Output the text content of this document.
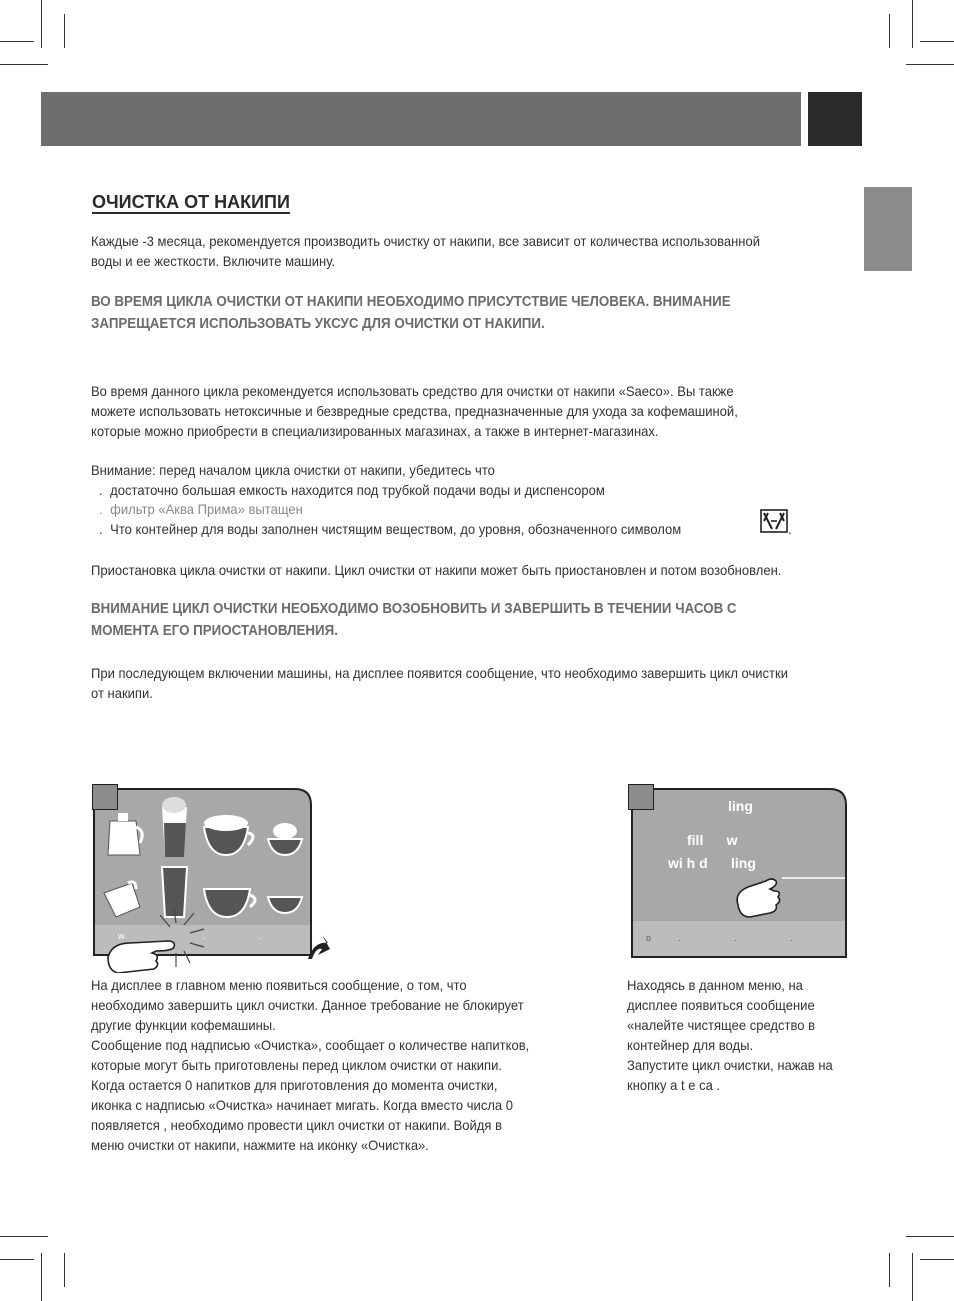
ОЧИСТКА ОТ НАКИПИ

Каждые -3 месяца, рекомендуется производить очистку от накипи, все зависит от количества использованной
воды и ее жесткости. Включите машину.

ВО ВРЕМЯ ЦИКЛА ОЧИСТКИ ОТ НАКИПИ НЕОБХОДИМО ПРИСУТСТВИЕ ЧЕЛОВЕКА. ВНИМАНИЕ
ЗАПРЕЩАЕТСЯ ИСПОЛЬЗОВАТЬ УКСУС ДЛЯ ОЧИСТКИ ОТ НАКИПИ.

Во время данного цикла рекомендуется использовать средство для очистки от накипи «Saeco». Вы также
можете использовать нетоксичные и безвредные средства, предназначенные для ухода за кофемашиной,
которые можно приобрести в специализированных магазинах, а также в интернет-магазинах.

Внимание: перед началом цикла очистки от накипи, убедитесь что

. достаточно большая емкость находится под трубкой подачи воды и диспенсором
. фильтр «Аква Прима» вытащен
. Что контейнер для воды заполнен чистящим веществом, до уровня, обозначенного символом	.

Приостановка цикла очистки от накипи. Цикл очистки от накипи может быть приостановлен и потом возобновлен.

ВНИМАНИЕ ЦИКЛ ОЧИСТКИ НЕОБХОДИМО ВОЗОБНОВИТЬ И ЗАВЕРШИТЬ В ТЕЧЕНИИ ЧАСОВ С
МОМЕНТА ЕГО ПРИОСТАНОВЛЕНИЯ.

При последующем включении машины, на дисплее появится сообщение, что необходимо завершить цикл очистки
от накипи.

w	.	.	o	.	.	.
ling
fill      w
wi h d      ling

На дисплее в главном меню появиться сообщение, о том, что
необходимо завершить цикл очистки. Данное требование не блокирует
другие функции кофемашины.
Сообщение под надписью «Очистка», сообщает о количестве напитков,
которые могут быть приготовлены перед циклом очистки от накипи.
Когда остается 0 напитков для приготовления до момента очистки,
иконка с надписью «Очистка» начинает мигать. Когда вместо числа 0
появляется , необходимо провести цикл очистки от накипи. Войдя в
меню очистки от накипи, нажмите на иконку «Очистка».

Находясь в данном меню, на
дисплее появиться сообщение
«налейте чистящее средство в
контейнер для воды.
Запустите цикл очистки, нажав на
кнопку a t e ca .
